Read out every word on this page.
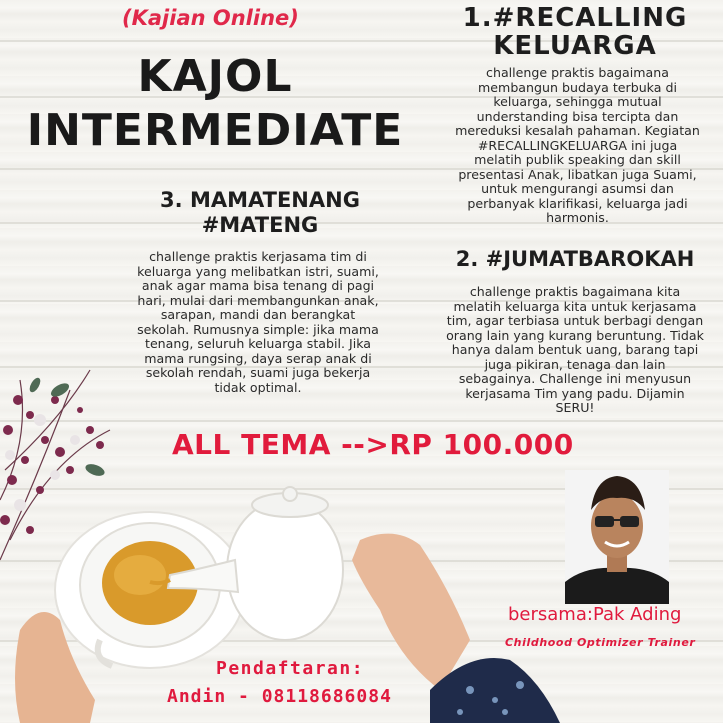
(Kajian Online)
KAJOL
INTERMEDIATE
1.#RECALLING
KELUARGA
challenge praktis bagaimana membangun budaya terbuka di keluarga, sehingga mutual understanding bisa tercipta dan mereduksi kesalah pahaman. Kegiatan #RECALLINGKELUARGA ini juga melatih publik speaking dan skill presentasi Anak, libatkan juga Suami, untuk mengurangi asumsi dan perbanyak klarifikasi, keluarga jadi harmonis.
2. #JUMATBAROKAH
challenge praktis bagaimana kita melatih keluarga kita untuk kerjasama tim, agar terbiasa untuk berbagi dengan orang lain yang kurang beruntung. Tidak hanya dalam bentuk uang, barang tapi juga pikiran, tenaga dan lain sebagainya. Challenge ini menyusun kerjasama Tim yang padu. Dijamin SERU!
3. MAMATENANG
#MATENG
challenge praktis kerjasama tim di keluarga yang melibatkan istri, suami, anak agar mama bisa tenang di pagi hari, mulai dari membangunkan anak, sarapan, mandi dan berangkat sekolah. Rumusnya simple: jika mama tenang, seluruh keluarga stabil. Jika mama rungsing, daya serap anak di sekolah rendah, suami juga bekerja tidak optimal.
ALL TEMA -->RP 100.000
bersama:Pak Ading
Childhood Optimizer Trainer
Pendaftaran:
Andin - 08118686084
